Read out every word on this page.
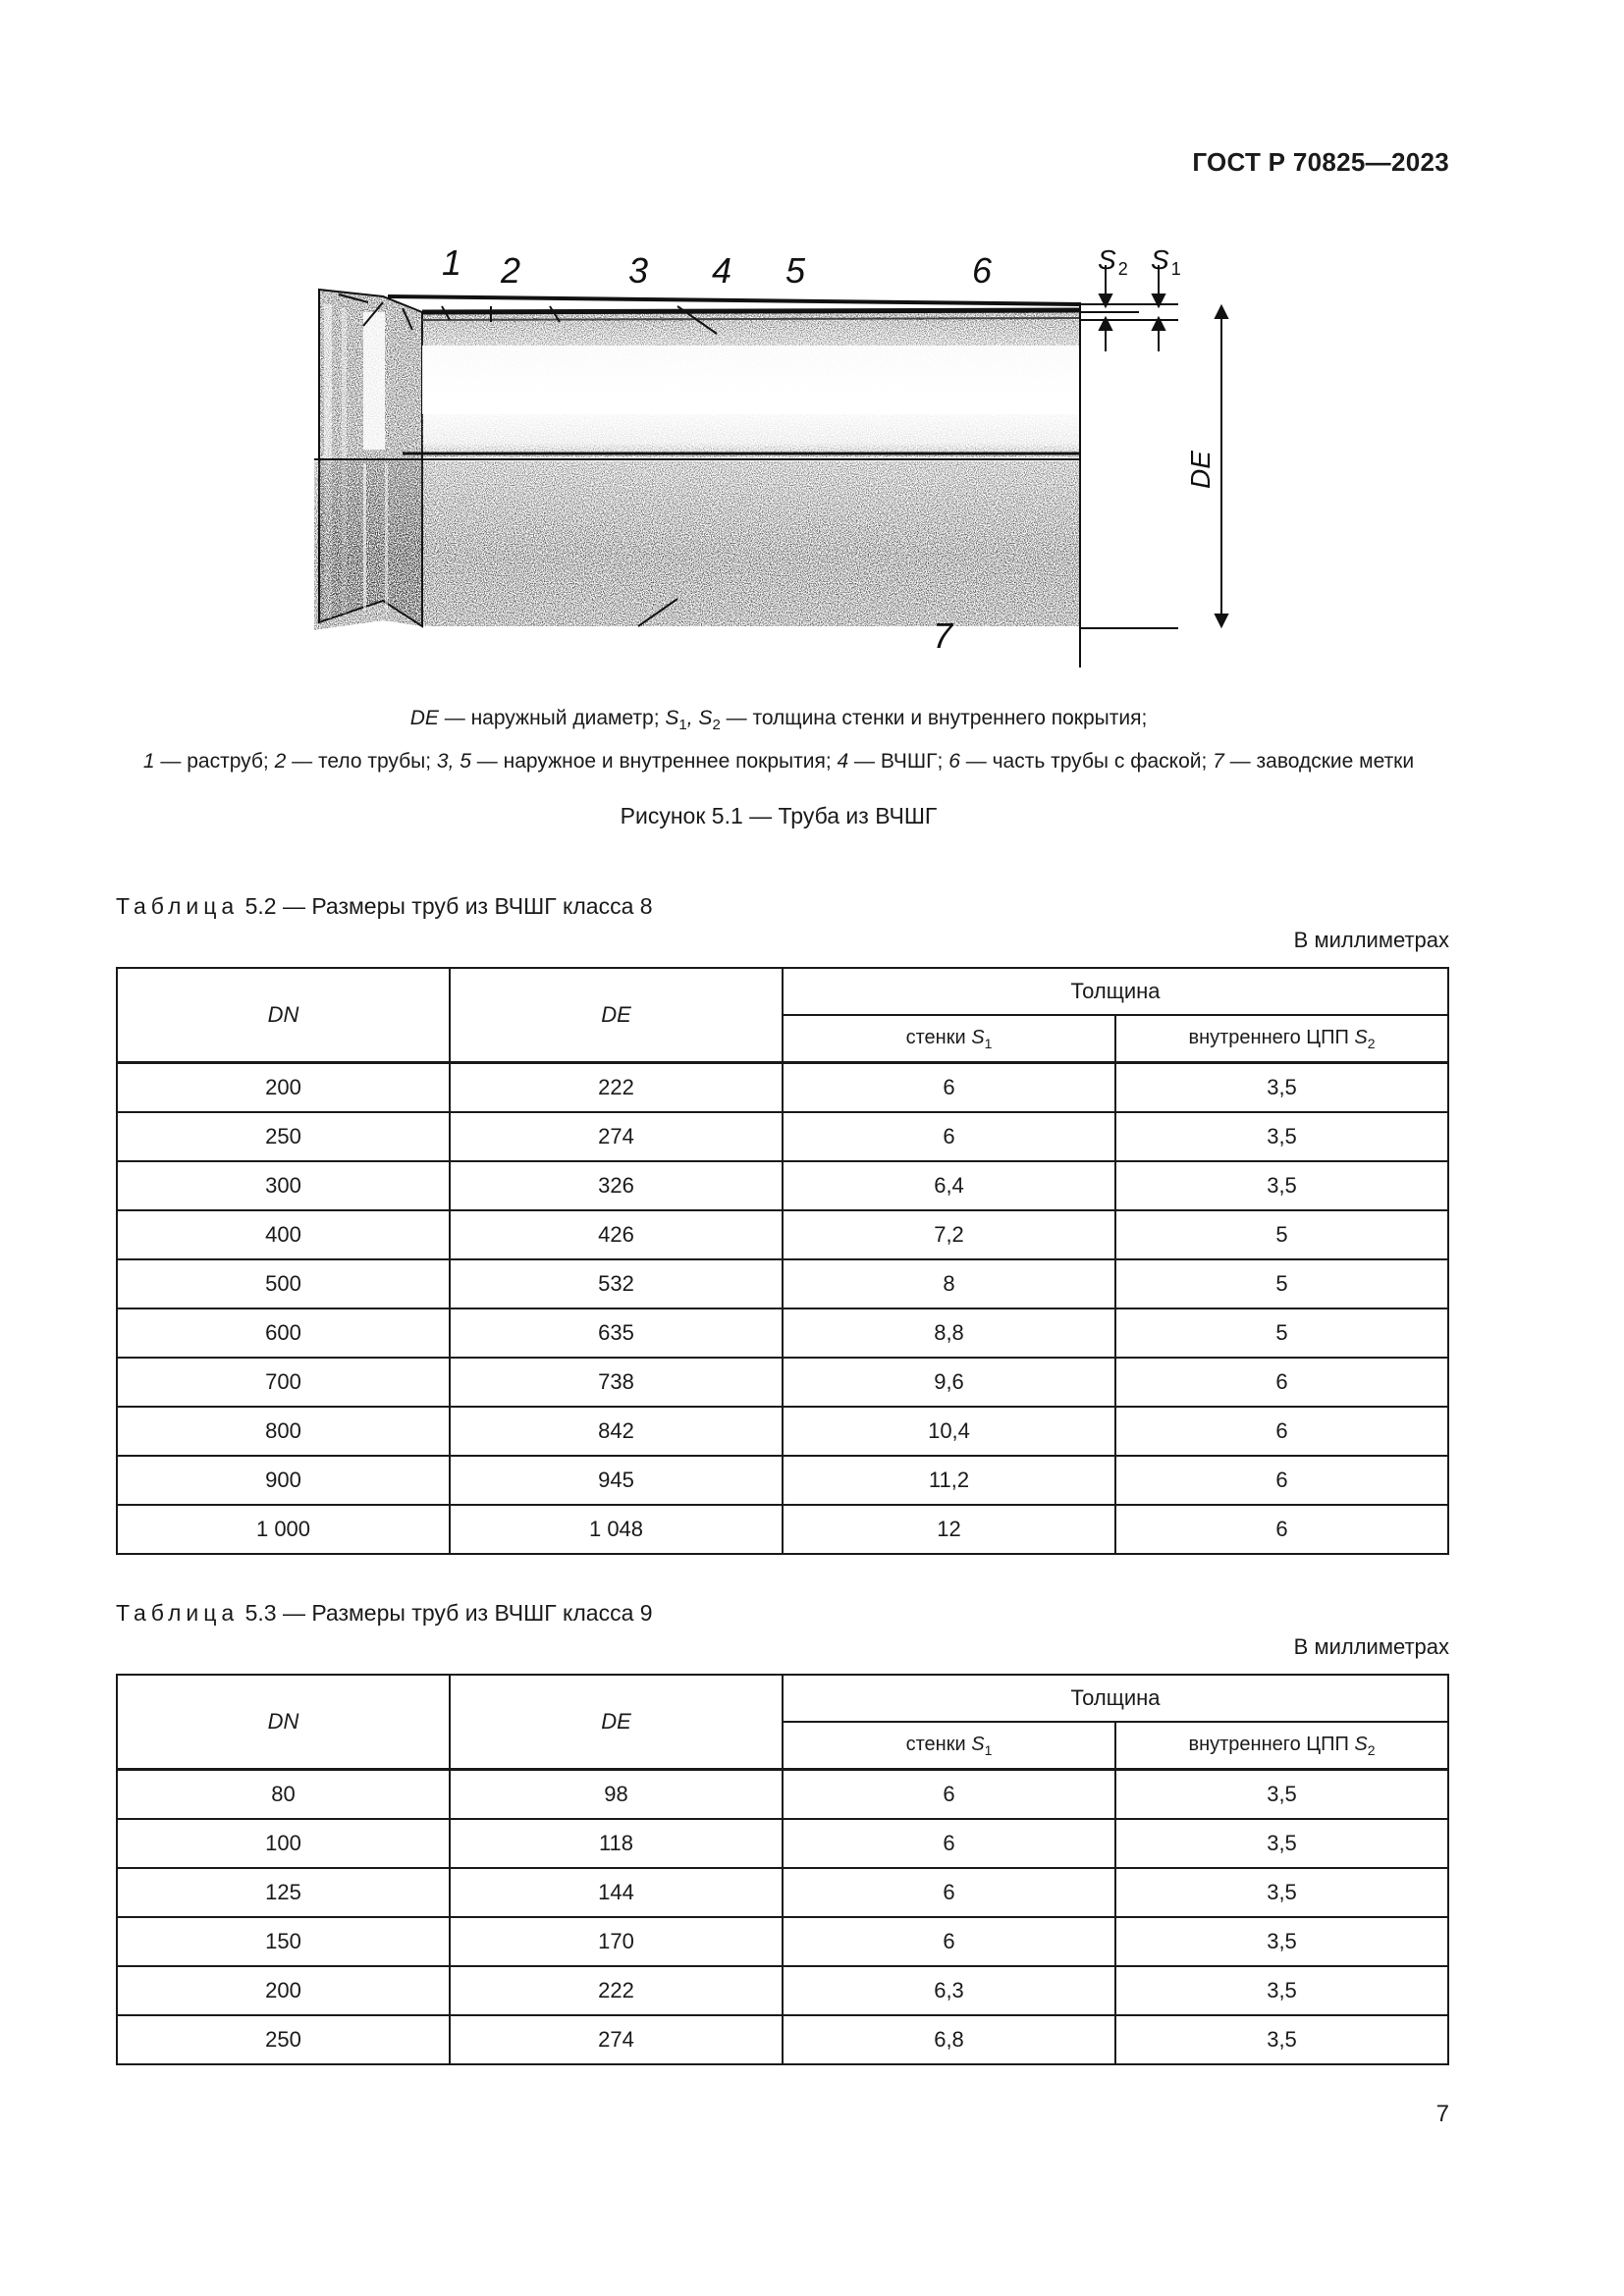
ГОСТ Р 70825—2023
1 2	3 4 5	6
7
S $_2$ S $_1$
DE
DE — наружный диаметр; $S_1$, $S_2$ — толщина стенки и внутреннего покрытия;
1 — раструб; 2 — тело трубы; 3, 5 — наружное и внутреннее покрытия; 4 — ВЧШГ; 6 — часть трубы с фаской; 7 — заводские метки
Рисунок 5.1 — Труба из ВЧШГ
Таблица 5.2 — Размеры труб из ВЧШГ класса 8
В миллиметрах
DN	DE	Толщина	
		стенки $S_1$	внутреннего ЦПП $S_2$
200	222	6	3,5
250	274	6	3,5
300	326	6,4	3,5
400	426	7,2	5
500	532	8	5
600	635	8,8	5
700	738	9,6	6
800	842	10,4	6
900	945	11,2	6
1 000	1 048	12	6
Таблица 5.3 — Размеры труб из ВЧШГ класса 9
В миллиметрах
DN	DE	Толщина	
		стенки $S_1$	внутреннего ЦПП $S_2$
80	98	6	3,5
100	118	6	3,5
125	144	6	3,5
150	170	6	3,5
200	222	6,3	3,5
250	274	6,8	3,5
7
